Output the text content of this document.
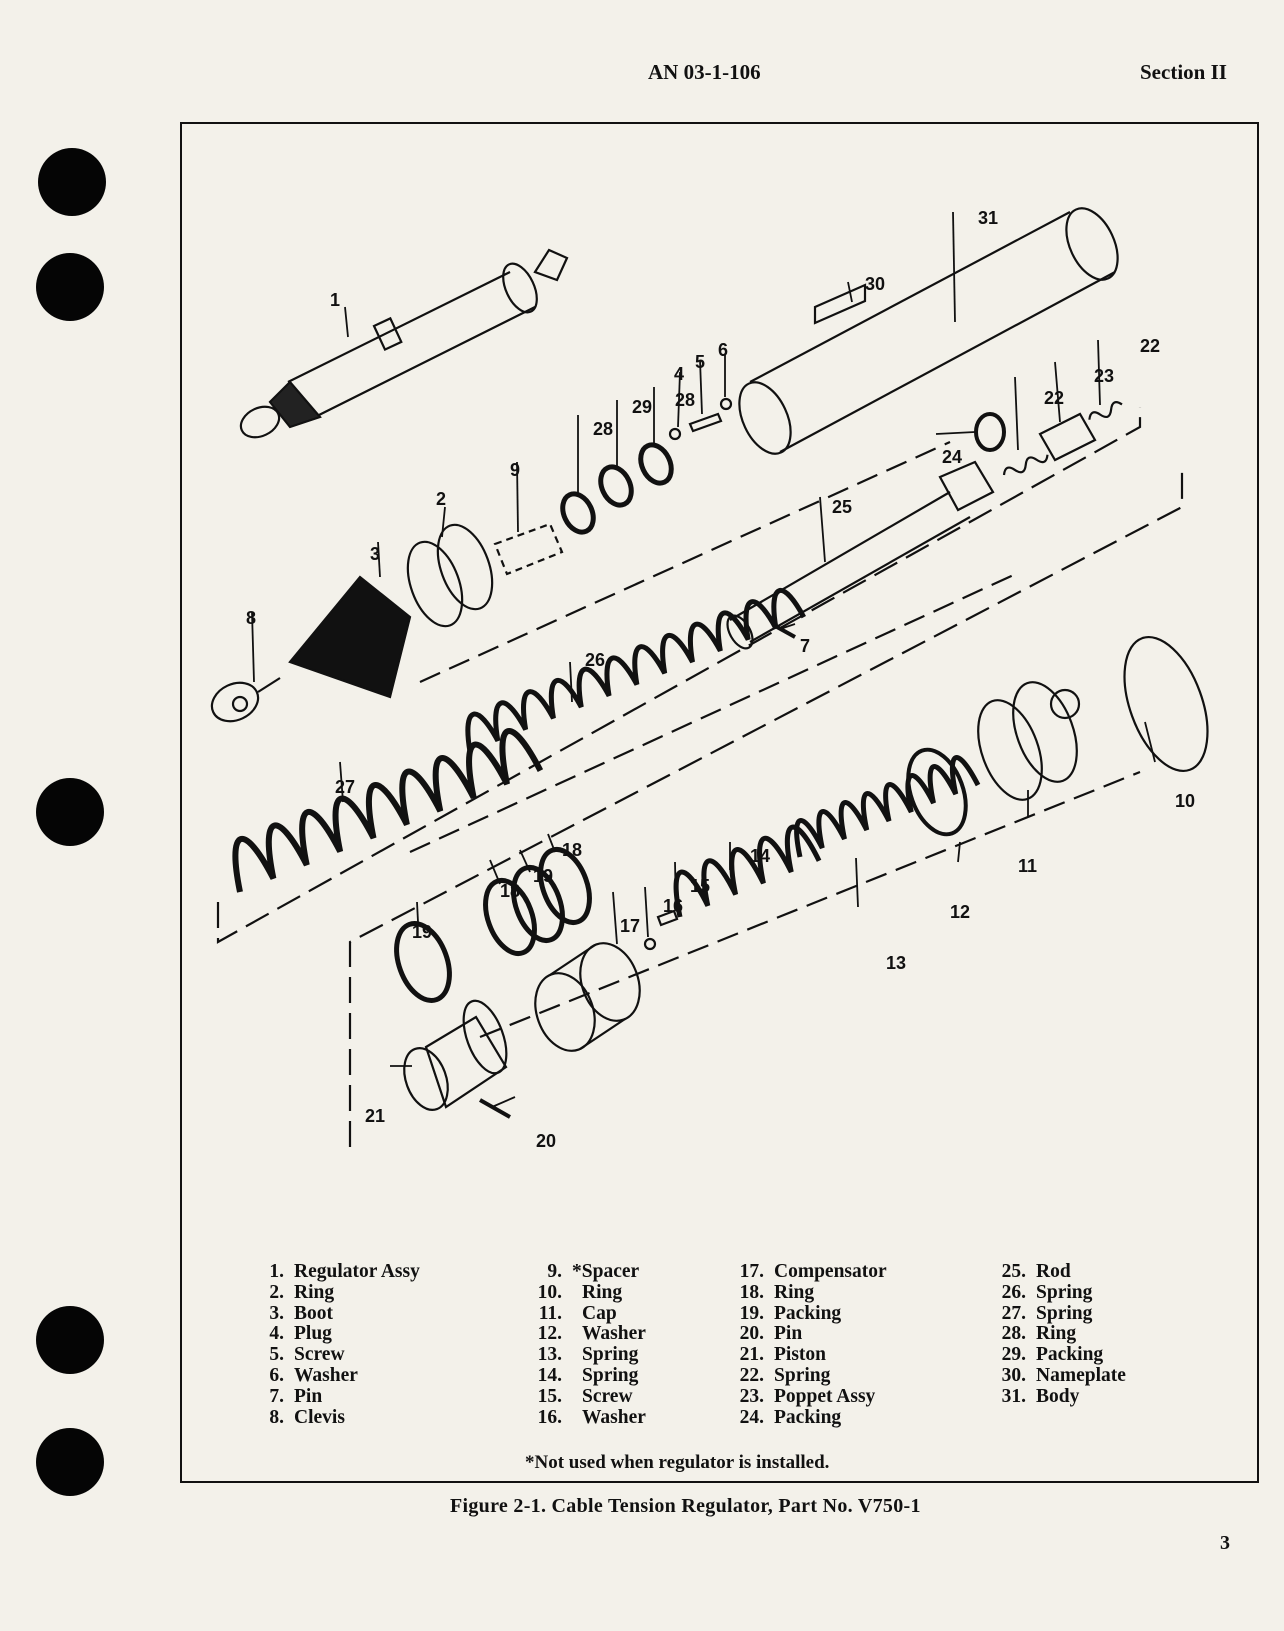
AN 03-1-106	Section II
1
2
3
4
5
6
7
8
9
10
11
12
13
14
15
16
17
18
18
19
19
20
21
22
22
23
24
25
26
27
28
28
29
30
31
1. Regulator Assy
2. Ring
3. Boot
4. Plug
5. Screw
6. Washer
7. Pin
8. Clevis
9. *Spacer
10.	Ring
11.	Cap
12.	Washer
13.	Spring
14.	Spring
15.	Screw
16.	Washer
17. Compensator
18. Ring
19. Packing
20. Pin
21. Piston
22. Spring
23. Poppet Assy
24. Packing
25. Rod
26. Spring
27. Spring
28. Ring
29. Packing
30. Nameplate
31. Body
*Not used when regulator is installed.
Figure 2-1. Cable Tension Regulator, Part No. V750-1
3
